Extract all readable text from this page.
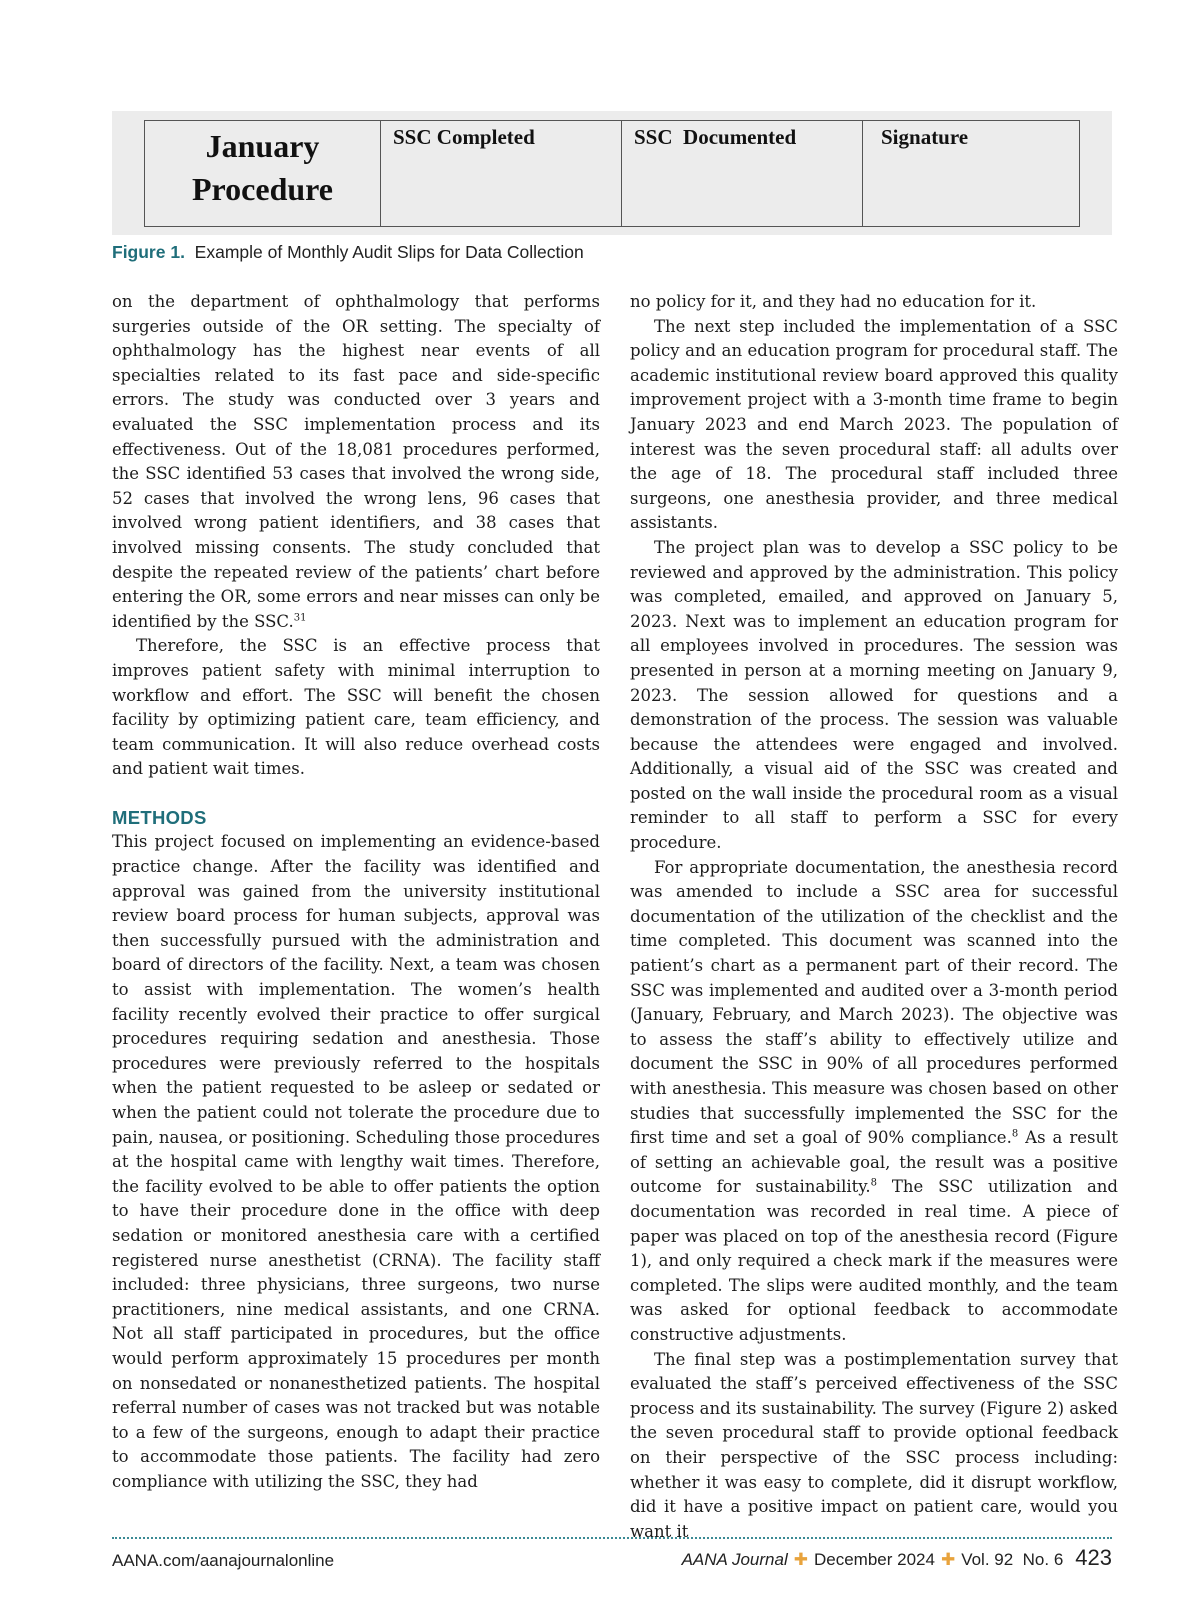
January
Procedure
	SSC Completed	SSC  Documented	Signature
Figure 1. Example of Monthly Audit Slips for Data Collection

on the department of ophthalmology that performs surgeries outside of the OR setting. The specialty of ophthalmology has the highest near events of all specialties related to its fast pace and side-specific errors. The study was conducted over 3 years and evaluated the SSC implementation process and its effectiveness. Out of the 18,081 procedures performed, the SSC identified 53 cases that involved the wrong side, 52 cases that involved the wrong lens, 96 cases that involved wrong patient identifiers, and 38 cases that involved missing consents. The study concluded that despite the repeated review of the patients’ chart before entering the OR, some errors and near misses can only be identified by the SSC.$^{31}$

Therefore, the SSC is an effective process that improves patient safety with minimal interruption to workflow and effort. The SSC will benefit the chosen facility by optimizing patient care, team efficiency, and team communication. It will also reduce overhead costs and patient wait times.

METHODS

This project focused on implementing an evidence-based practice change. After the facility was identified and approval was gained from the university institutional review board process for human subjects, approval was then successfully pursued with the administration and board of directors of the facility. Next, a team was chosen to assist with implementation. The women’s health facility recently evolved their practice to offer surgical procedures requiring sedation and anesthesia. Those procedures were previously referred to the hospitals when the patient requested to be asleep or sedated or when the patient could not tolerate the procedure due to pain, nausea, or positioning. Scheduling those procedures at the hospital came with lengthy wait times. Therefore, the facility evolved to be able to offer patients the option to have their procedure done in the office with deep sedation or monitored anesthesia care with a certified registered nurse anesthetist (CRNA). The facility staff included: three physicians, three surgeons, two nurse practitioners, nine medical assistants, and one CRNA. Not all staff participated in procedures, but the office would perform approximately 15 procedures per month on nonsedated or nonanesthetized patients. The hospital referral number of cases was not tracked but was notable to a few of the surgeons, enough to adapt their practice to accommodate those patients. The facility had zero compliance with utilizing the SSC, they had

no policy for it, and they had no education for it.

The next step included the implementation of a SSC policy and an education program for procedural staff. The academic institutional review board approved this quality improvement project with a 3-month time frame to begin January 2023 and end March 2023. The population of interest was the seven procedural staff: all adults over the age of 18. The procedural staff included three surgeons, one anesthesia provider, and three medical assistants.

The project plan was to develop a SSC policy to be reviewed and approved by the administration. This policy was completed, emailed, and approved on January 5, 2023. Next was to implement an education program for all employees involved in procedures. The session was presented in person at a morning meeting on January 9, 2023. The session allowed for questions and a demonstration of the process. The session was valuable because the attendees were engaged and involved. Additionally, a visual aid of the SSC was created and posted on the wall inside the procedural room as a visual reminder to all staff to perform a SSC for every procedure.

For appropriate documentation, the anesthesia record was amended to include a SSC area for successful documentation of the utilization of the checklist and the time completed. This document was scanned into the patient’s chart as a permanent part of their record. The SSC was implemented and audited over a 3-month period (January, February, and March 2023). The objective was to assess the staff’s ability to effectively utilize and document the SSC in 90% of all procedures performed with anesthesia. This measure was chosen based on other studies that successfully implemented the SSC for the first time and set a goal of 90% compliance.$^8$ As a result of setting an achievable goal, the result was a positive outcome for sustainability.$^8$ The SSC utilization and documentation was recorded in real time. A piece of paper was placed on top of the anesthesia record (Figure 1), and only required a check mark if the measures were completed. The slips were audited monthly, and the team was asked for optional feedback to accommodate constructive adjustments.

The final step was a postimplementation survey that evaluated the staff’s perceived effectiveness of the SSC process and its sustainability. The survey (Figure 2) asked the seven procedural staff to provide optional feedback on their perspective of the SSC process including: whether it was easy to complete, did it disrupt workflow, did it have a positive impact on patient care, would you want it

AANA.com/aanajournalonline	AANA Journal ✚ December 2024 ✚ Vol. 92  No. 6 423
